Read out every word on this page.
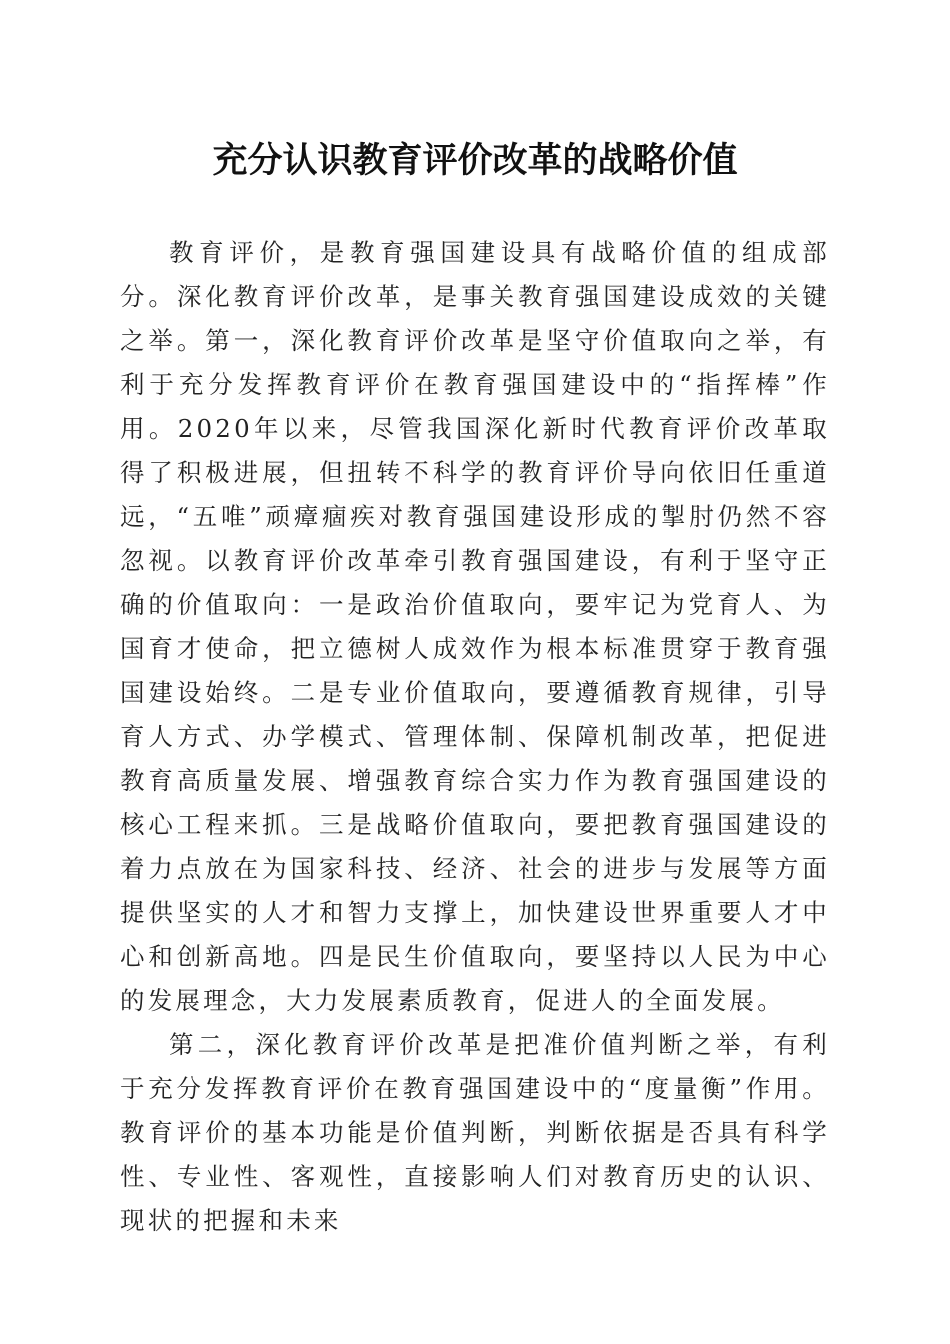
充分认识教育评价改革的战略价值

教育评价，是教育强国建设具有战略价值的组成部分。深化教育评价改革，是事关教育强国建设成效的关键之举。第一，深化教育评价改革是坚守价值取向之举，有利于充分发挥教育评价在教育强国建设中的“指挥棒”作用。2020年以来，尽管我国深化新时代教育评价改革取得了积极进展，但扭转不科学的教育评价导向依旧任重道远，“五唯”顽瘴痼疾对教育强国建设形成的掣肘仍然不容忽视。以教育评价改革牵引教育强国建设，有利于坚守正确的价值取向：一是政治价值取向，要牢记为党育人、为国育才使命，把立德树人成效作为根本标准贯穿于教育强国建设始终。二是专业价值取向，要遵循教育规律，引导育人方式、办学模式、管理体制、保障机制改革，把促进教育高质量发展、增强教育综合实力作为教育强国建设的核心工程来抓。三是战略价值取向，要把教育强国建设的着力点放在为国家科技、经济、社会的进步与发展等方面提供坚实的人才和智力支撑上，加快建设世界重要人才中心和创新高地。四是民生价值取向，要坚持以人民为中心的发展理念，大力发展素质教育，促进人的全面发展。

第二，深化教育评价改革是把准价值判断之举，有利于充分发挥教育评价在教育强国建设中的“度量衡”作用。教育评价的基本功能是价值判断，判断依据是否具有科学性、专业性、客观性，直接影响人们对教育历史的认识、现状的把握和未来
